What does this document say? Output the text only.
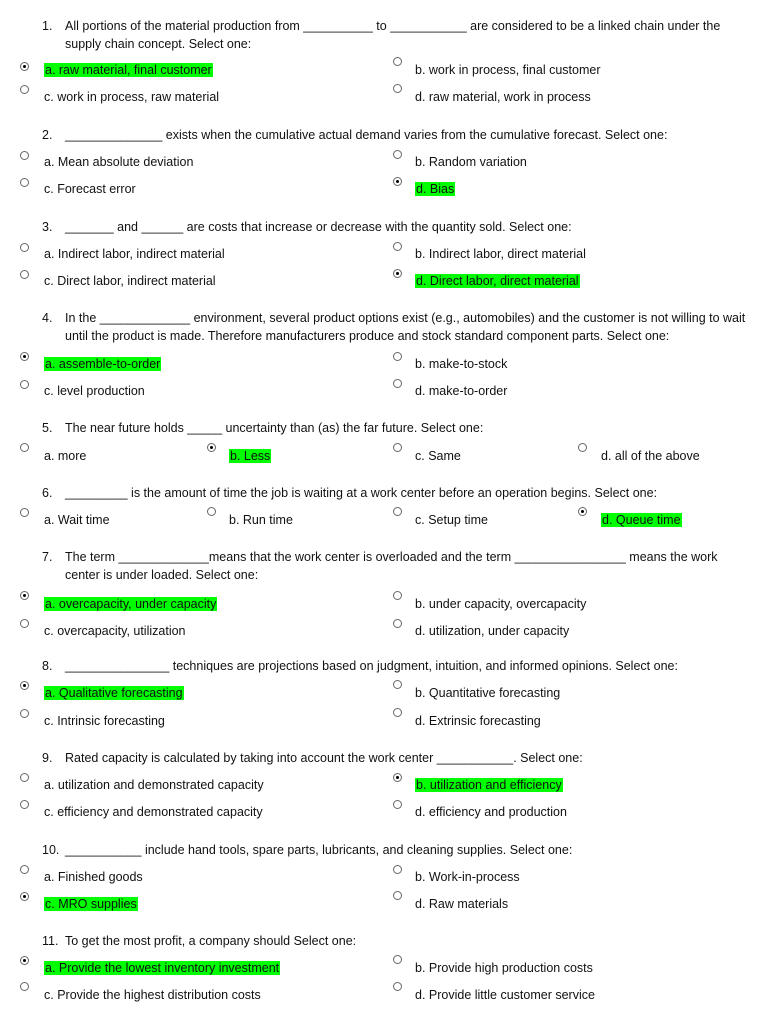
1.	All portions of the material production from __________ to ___________ are considered to be a linked chain under the supply chain concept. Select one:
a. raw material, final customer	b. work in process, final customer
c. work in process, raw material	d. raw material, work in process
2.	______________ exists when the cumulative actual demand varies from the cumulative forecast. Select one:
a. Mean absolute deviation	b. Random variation
c. Forecast error	d. Bias
3.	_______ and ______ are costs that increase or decrease with the quantity sold. Select one:
a. Indirect labor, indirect material	b. Indirect labor, direct material
c. Direct labor, indirect material	d. Direct labor, direct material
4.	In the _____________ environment, several product options exist (e.g., automobiles) and the customer is not willing to wait until the product is made. Therefore manufacturers produce and stock standard component parts. Select one:
a. assemble-to-order	b. make-to-stock
c. level production	d. make-to-order
5.	The near future holds _____ uncertainty than (as) the far future. Select one:
a. more	b. Less	c. Same	d. all of the above
6.	_________ is the amount of time the job is waiting at a work center before an operation begins. Select one:
a. Wait time	b. Run time	c. Setup time	d. Queue time
7.	The term _____________means that the work center is overloaded and the term ________________ means the work center is under loaded. Select one:
a. overcapacity, under capacity	b. under capacity, overcapacity
c. overcapacity, utilization	d. utilization, under capacity
8.	_______________ techniques are projections based on judgment, intuition, and informed opinions. Select one:
a. Qualitative forecasting	b. Quantitative forecasting
c. Intrinsic forecasting	d. Extrinsic forecasting
9.	Rated capacity is calculated by taking into account the work center ___________. Select one:
a. utilization and demonstrated capacity	b. utilization and efficiency
c. efficiency and demonstrated capacity	d. efficiency and production
10. ___________ include hand tools, spare parts, lubricants, and cleaning supplies. Select one:
a. Finished goods	b. Work-in-process
c. MRO supplies	d. Raw materials
11. To get the most profit, a company should Select one:
a. Provide the lowest inventory investment	b. Provide high production costs
c. Provide the highest distribution costs	d. Provide little customer service
